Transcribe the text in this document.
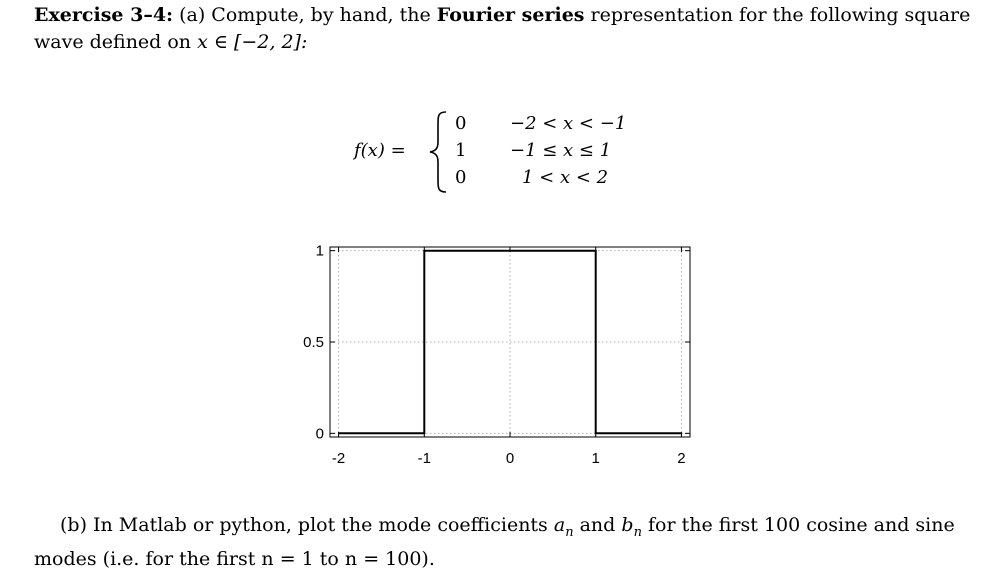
Exercise 3–4: (a) Compute, by hand, the Fourier series representation for the following square
wave defined on x ∈ [−2, 2]:
f(x) =
0
1
0
−2 < x < −1
−1 ≤ x ≤ 1
1 < x < 2
-2	-1	0	1	2
0
0.5
1
(b) In Matlab or python, plot the mode coefficients $a_n$ and $b_n$ for the first 100 cosine and sine
modes (i.e. for the first n = 1 to n = 100).
